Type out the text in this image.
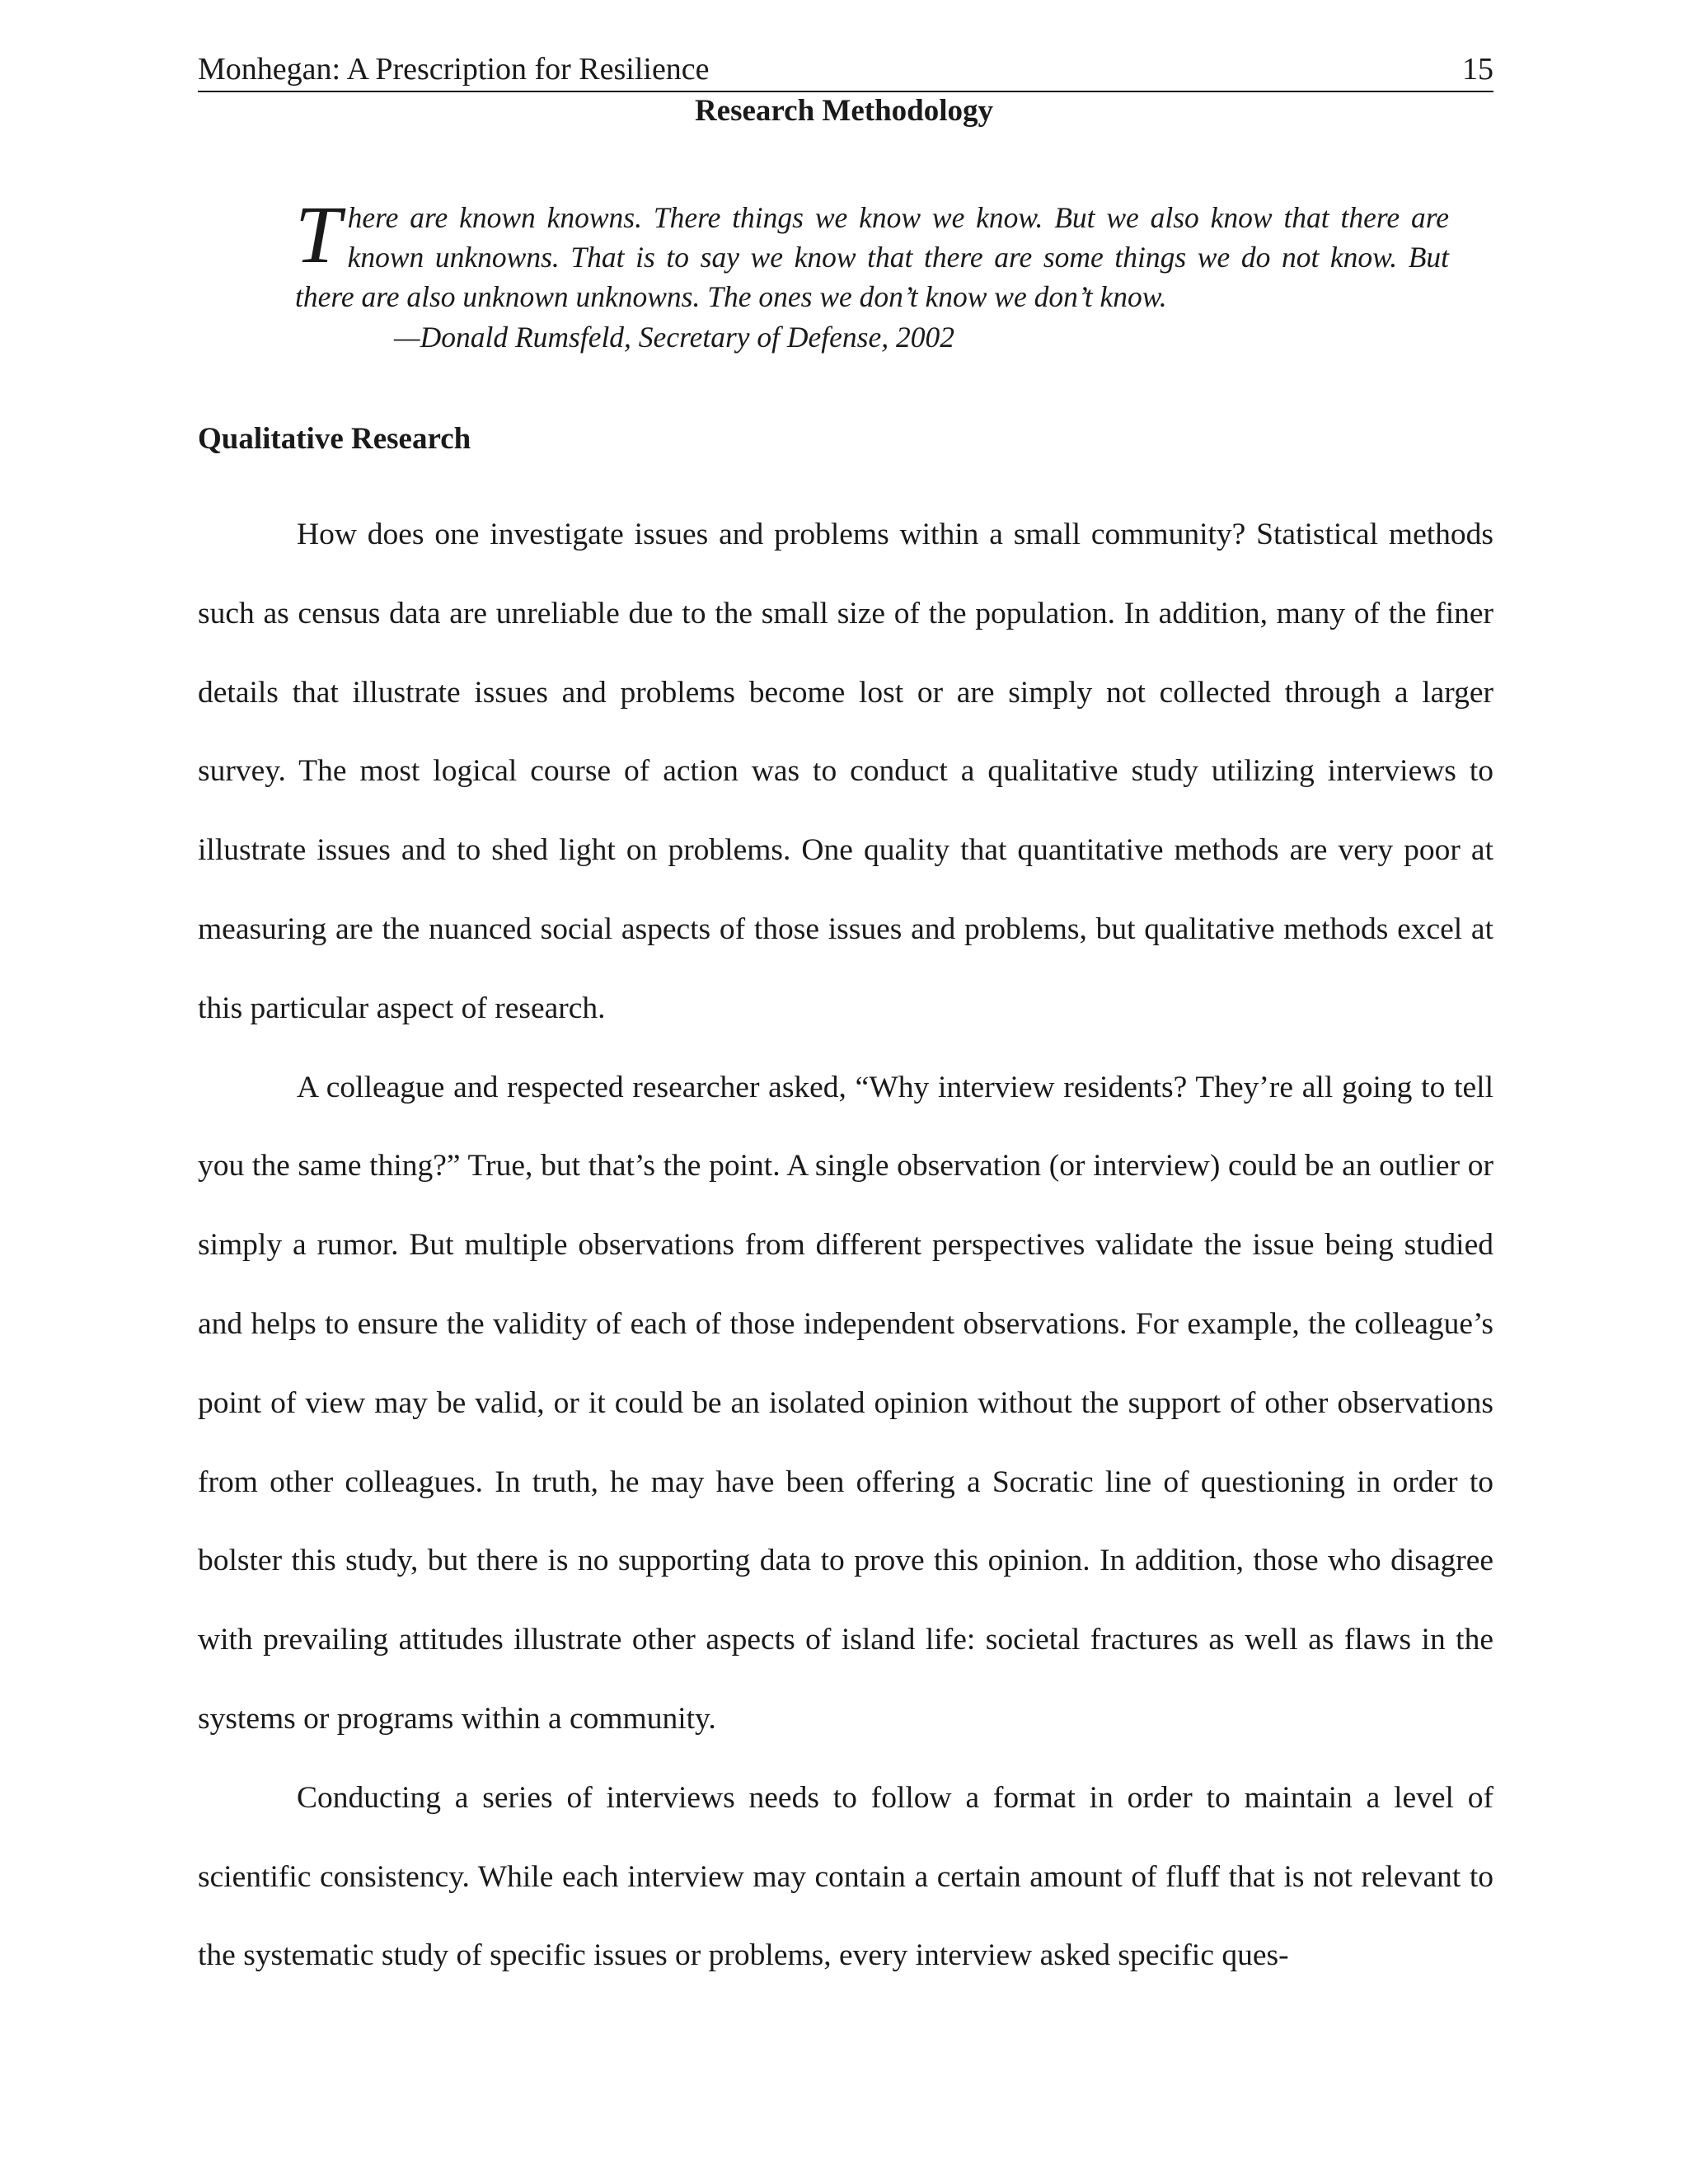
Monhegan: A Prescription for Resilience	15
Research Methodology
There are known knowns. There things we know we know. But we also know that there are known unknowns. That is to say we know that there are some things we do not know. But there are also unknown unknowns. The ones we don’t know we don’t know.
—Donald Rumsfeld, Secretary of Defense, 2002
Qualitative Research

How does one investigate issues and problems within a small community? Statistical methods such as census data are unreliable due to the small size of the population. In addition, many of the finer details that illustrate issues and problems become lost or are simply not collected through a larger survey. The most logical course of action was to conduct a qualitative study utilizing interviews to illustrate issues and to shed light on problems. One quality that quantitative methods are very poor at measuring are the nuanced social aspects of those issues and problems, but qualitative methods excel at this particular aspect of research.

A colleague and respected researcher asked, “Why interview residents? They’re all going to tell you the same thing?” True, but that’s the point. A single observation (or interview) could be an outlier or simply a rumor. But multiple observations from different perspectives validate the issue being studied and helps to ensure the validity of each of those independent observations. For example, the colleague’s point of view may be valid, or it could be an isolated opinion without the support of other observations from other colleagues. In truth, he may have been offering a Socratic line of questioning in order to bolster this study, but there is no supporting data to prove this opinion. In addition, those who disagree with prevailing attitudes illustrate other aspects of island life: societal fractures as well as flaws in the systems or programs within a community.

Conducting a series of interviews needs to follow a format in order to maintain a level of scientific consistency. While each interview may contain a certain amount of fluff that is not relevant to the systematic study of specific issues or problems, every interview asked specific ques-
